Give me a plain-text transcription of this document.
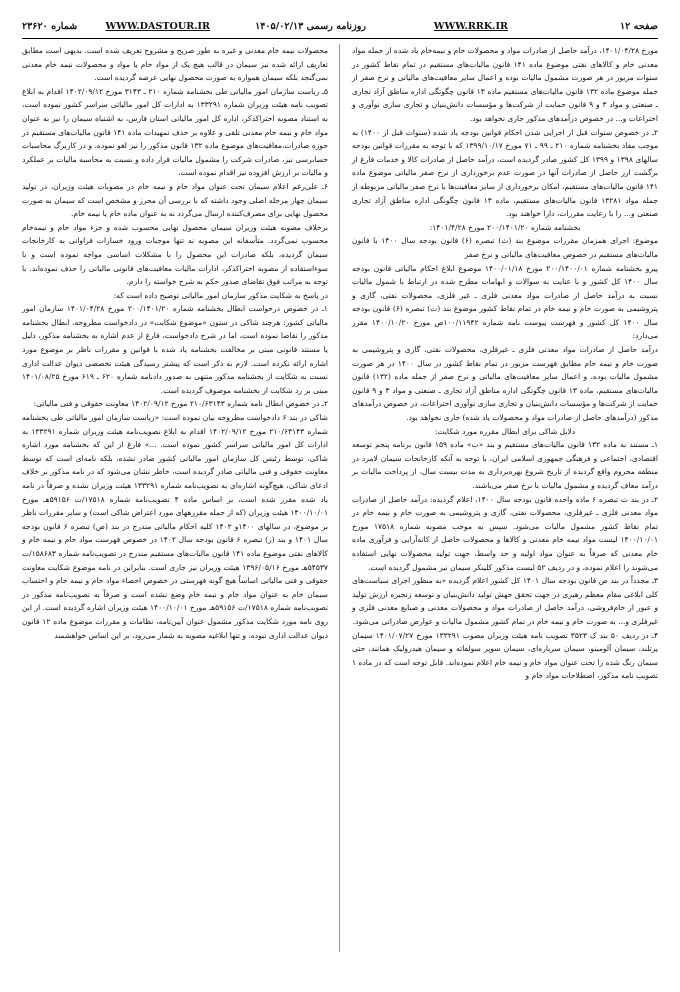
صفحه ۱۲
WWW.RRK.IR
روزنامه رسمی ۱۴۰۵/۰۲/۱۳
WWW.DASTOUR.IR
شماره ۲۳۶۲۰

مورخ ۱۴۰۱/۰۴/۲۸، درآمد حاصل از صادرات مواد و محصولات خام و نیمه‌خام یاد شده از جمله مواد معدنی خام و کالاهای نفتی موضوع ماده ۱۴۱ قانون مالیات‌های مستقیم در تمام نقاط کشور در سنوات مزبور در هر صورت مشمول مالیات بوده و اعمال سایر معافیت‌های مالیاتی و نرخ صفر از جمله موضوع ماده ۱۳۲ قانون مالیات‌های مستقیم ماده ۱۳ قانون چگونگی اداره مناطق آزاد تجاری ـ صنعتی و مواد ۳ و ۹ قانون حمایت از شرکت‌ها و مؤسسات دانش‌بنیان و تجاری سازی نوآوری و اختراعات و... در خصوص درآمدهای مذکور جاری نخواهد بود.

۲ـ در خصوص سنوات قبل از اجرایی شدن احکام قوانین بودجه یاد شده (سنوات قبل از ۱۴۰۰) به موجب مفاد بخشنامه شماره ۲۱۰ ـ ۹۹ ـ ۷۱ مورخ ۱۳۹۹/۱۰/۱۷ که با توجه به مقررات قوانین بودجه سالهای ۱۳۹۸ و ۱۳۹۹ کل کشور صادر گردیده است، درآمد حاصل از صادرات کالا و خدمات فارغ از برگشت ارز حاصل از صادرات آنها در صورت عدم برخورداری از نرخ صفر مالیاتی موضوع ماده ۱۴۱ قانون مالیات‌های مستقیم، امکان برخورداری از سایر معافیت‌ها با نرخ صفر مالیاتی مربوطه از جمله مواد ۱۳۲۸۱ قانون مالیات‌های مستقیم، ماده ۱۳ قانون چگونگی اداره مناطق آزاد تجاری صنعتی و... را با رعایت مقررات، دارا خواهند بود.

بخشنامه شماره ۲۰۰/۱۴۰۱/۲۰ مورخ ۱۴۰۱/۴/۲۸:

موضوع: اجرای همزمان مقررات موضوع بند (ث) تبصره (۶) قانون بودجه سال ۱۴۰۰ با قانون مالیات‌های مستقیم در خصوص معافیت‌های مالیاتی و نرخ صفر

پیرو بخشنامه شماره ۲۰۰/۱۴۰۰/۰۱ مورخ ۱۴۰۰/۰۱/۱۸ موضوع ابلاغ احکام مالیاتی قانون بودجه سال ۱۴۰۰ کل کشور و با عنایت به سوالات و ابهامات مطرح شده در ارتباط با شمول مالیات نسبت به درآمد حاصل از صادرات مواد معدنی فلزی ـ غیر فلزی، محصولات نفتی، گازی و پتروشیمی به صورت خام و نیمه خام در تمام نقاط کشور موضوع بند (ث) تبصره (۶) قانون بودجه سال ۱۴۰۰ کل کشور و فهرست پیوست نامه شماره ۱۰۰/۱۱۹۴۲ص مورخ ۱۴۰۰/۱۰/۲۰ مقرر می‌دارد:

درآمد حاصل از صادرات مواد معدنی فلزی ـ غیرفلزی، محصولات نفتی، گازی و پتروشیمی به صورت خام و نیمه خام مطابق فهرست مزبور در تمام نقاط کشور در سال ۱۴۰۰ در هر صورت مشمول مالیات بوده، و اعمال سایر معافیت‌های مالیاتی و نرخ صفر از جمله ماده (۱۳۲) قانون مالیات‌های مستقیم، ماده ۱۳ قانون چگونگی اداره مناطق آزاد تجاری ـ صنعتی و مواد ۳ و ۹ قانون حمایت از شرکت‌ها و مؤسسات دانش‌بنیان و تجاری سازی نوآوری اختراعات، در خصوص درآمدهای مذکور (درآمدهای حاصل از صادرات مواد و محصولات یاد شده) جاری نخواهد بود.

دلایل شاکی برای ابطال مقرره مورد شکایت:

۱ـ مستند به ماده ۱۳۲ قانون مالیات‌های مستقیم و بند «ب» ماده ۱۵۹ قانون برنامه پنجم توسعه اقتصادی، اجتماعی و فرهنگی جمهوری اسلامی ایران، با توجه به آنکه کارخانجات سیمان لامرد در منطقه محروم واقع گردیده از تاریخ شروع بهره‌برداری به مدت بیست سال، از پرداخت مالیات بر درآمد معاف گردیده و مشمول مالیات با نرخ صفر می‌باشند.

۲ـ در بند ث تبصره ۶ ماده واحده قانون بودجه سال ۱۴۰۰، اعلام گردیده: درآمد حاصل از صادرات مواد معدنی فلزی ـ غیرفلزی، محصولات نفتی، گازی و پتروشیمی به صورت خام و نیمه خام در تمام نقاط کشور مشمول مالیات می‌شود. سپس به موجب مصوبه شماره ۱۷۵۱۸ مورخ ۱۴۰۰/۱۰/۰۱ لیست مواد نیمه خام معدنی و کالاها و محصولات حاصل از کانه‌آرایی و فرآوری ماده خام معدنی که صرفاً به عنوان مواد اولیه و حد واسط، جهت تولید محصولات نهایی استفاده می‌شوند را اعلام نموده، و در ردیف ۵۲ لیست مذکور کلینکر سیمان نیز مشمول گردیده است.

۳ـ مجدداً در بند ص قانون بودجه سال ۱۴۰۱ کل کشور اعلام گردیده «به منظور اجرای سیاست‌های کلی ابلاغی مقام معظم رهبری در جهت تحقق جهش تولید دانش‌بنیان و توسعه زنجیره ارزش تولید و عبور از خام‌فروشی، درآمد حاصل از صادرات مواد و محصولات معدنی و صنایع معدنی فلزی و غیرفلزی و... به صورت خام و نیمه خام در تمام کشور مشمول مالیات و عوارض صادراتی می‌شود.

۴ـ در ردیف ۵۰ بند ک ۳۵۲۳ تصویب نامه هیئت وزیران مصوب ۱۳۳۲۹۱ مورخ ۱۴۰۱/۰۷/۲۷ سیمان پرتلند، سیمان آلومینو، سیمان سرباره‌ای، سیمان سوپر سولفاته و سیمان هیدرولیک همانند، حتی سیمان رنگ شده را تحت عنوان مواد خام و نیمه خام اعلام نموده‌اند. قابل توجه است که در ماده ۱ تصویب نامه مذکور، اصطلاحات مواد خام و

محصولات نیمه خام معدنی و غیره به طور صریح و مشروح تعریف شده است. بدیهی است مطابق تعاریف ارائه شده نیز سیمان در قالب هیچ یک از مواد خام یا مواد و محصولات نیمه خام معدنی نمی‌گنجد بلکه سیمان همواره به صورت محصول نهایی عرضه گردیده است.

۵ـ ریاست سازمان امور مالیاتی طی بخشنامه شماره ۲۱۰ ـ ۳۱۴۳ مورخ ۱۴۰۲/۰۹/۱۲ اقدام به ابلاغ تصویب نامه هیئت وزیران شماره ۱۳۳۲۹۱ به ادارات کل امور مالیاتی سراسر کشور نموده است، به استناد مصوبه اختراکذکر، اداره کل امور مالیاتی استان فارس، به اشتباه سیمان را نیز به عنوان مواد خام و نیمه خام معدنی تلقی و علاوه بر حذف تمهیدات ماده ۱۴۱ قانون مالیات‌های مستقیم در حوزه صادرات،معافیت‌های موضوع ماده ۱۳۲ قانون مذکور را نیز لغو نموده، و در کاربرگ محاسبات حسابرسی نیز، صادرات شرکت را مشمول مالیات قرار داده و نسبت به محاسبه مالیات بر عملکرد و مالیات بر ارزش افزوده نیز اقدام نموده است.

۶ـ علی‌رغم اعلام سیمان تحت عنوان مواد خام و نیمه خام در مصوبات هیئت وزیران، در تولید سیمان چهار مرحله اصلی وجود داشته که با بررسی آن محرز و مشخص است که سیمان به صورت محصول نهایی برای مصرف‌کننده ارسال می‌گردد نه به عنوان ماده خام یا نیمه خام.

برخلاف مصوبه هیئت وزیران سیمان محصول نهایی محسوب شده و جزء مواد خام و نیمه‌خام محسوب نمی‌گردد. متأسفانه این مصوبه نه تنها موجبات ورود خسارات فراوانی به کارخانجات سیمان گردیده، بلکه صادرات این محصول را با مشکلات اساسی مواجه نموده است و با سوءاستفاده از مصوبه اختراکذکر، ادارات مالیات معافیت‌های قانونی مالیاتی را حذف نموده‌اند. با توجه به مراتب فوق تقاضای صدور حکم به شرح خواسته را دارم.

در پاسخ به شکایت مذکور سازمان امور مالیاتی توضیح داده است که:

۱ـ در خصوص درخواست ابطال بخشنامه شماره ۲۰۰/۱۴۰۱/۲۰ مورخ ۱۴۰۱/۰۴/۲۸ سازمان امور مالیاتی کشور: هرچند شاکی در ستون «موضوع شکایت» در دادخواست مطروحه، ابطال بخشنامه مذکور را تقاضا نموده است، اما در شرح دادخواست، فارغ از عدم اشاره به بخشنامه مذکور، دلیل یا مستند قانونی مبنی بر مخالفت بخشنامه یاد شده با قوانین و مقررات ناظر بر موضوع مورد اشاره ارائه نکرده است. لازم به ذکر است که پیشتر رسیدگی هیئت تخصصی دیوان عدالت اداری نسبت به شکایت از بخشنامه مذکور منتهی به صدور دادنامه شماره ۶۲۰ ـ ۶۱۹ مورخ ۱۴۰۱/۰۸/۲۵ مبنی بر رد شکایت از بخشنامه موصوف گردیده است.

۲ـ در خصوص ابطال نامه شماره ۲۱۰/۶۳۱۴۳ مورخ ۱۴۰۲/۰۹/۱۲ معاونت حقوقی و فنی مالیاتی:

شاکی در بند ۶ دادخواست مطروحه بیان نموده است: «ریاست سازمان امور مالیاتی طی بخشنامه شماره ۲۱۰/۶۳۱۴۳ مورخ ۱۴۰۲/۰۹/۱۲ اقدام به ابلاغ تصویب‌نامه هیئت وزیران شماره ۱۳۳۲۹۱ به ادارات کل امور مالیاتی سراسر کشور نموده است. ...» فارغ از این که بخشنامه مورد اشاره شاکی، توسط رئیس کل سازمان امور مالیاتی کشور صادر نشده، بلکه نامه‌ای است که توسط معاونت حقوقی و فنی مالیاتی صادر گردیده است، خاطر نشان می‌شود که در نامه مذکور بر خلاف ادعای شاکی، هیچ‌گونه اشاره‌ای به تصویب‌نامه شماره ۱۳۳۲۹۱ هیئت وزیران نشده و صرفاً در نامه یاد شده مقرر شده است، بر اساس ماده ۴ تصویب‌نامه شماره ۱۷۵۱۸/ت ۵۹۱۵۶هـ مورخ ۱۴۰۰/۱۰/۰۱ هیئت وزیران (که از جمله مقررههای مورد اعتراض شاکی است) و سایر مقررات ناظر بر موضوع، در سالهای ۱۴۰۰و ۱۴۰۲ کلیه احکام مالیاتی مندرج در بند (ص) تبصره ۶ قانون بودجه سال ۱۴۰۱ و بند (ز) تبصره ۶ قانون بودجه سال ۱۴۰۲ در خصوص فهرست مواد خام و نیمه خام و کالاهای نفتی موضوع ماده ۱۴۱ قانون مالیات‌های مستقیم مندرج در تصویب‌نامه شماره ۱۵۸۶۸۳/ت ۵۴۵۳۷هـ مورخ ۱۳۹۶/۰۵/۱۶ هیئت وزیران نیز جاری است. بنابراین در نامه موضوع شکایت معاونت حقوقی و فنی مالیاتی اساساً هیچ گونه فهرستی در خصوص احصاء مواد خام و نیمه خام و احتساب سیمان خام به عنوان مواد خام و نیمه خام وضع نشده است و صرفاً به تصویب‌نامه مذکور در تصویب‌نامه شماره ۱۷۵۱۸/ت ۵۹۱۵۶هـ مورخ ۱۴۰۰/۱۰/۰۱ هیئت وزیران اشاره گردیده است. از این روی نامه مورد شکایت مذکور مشمول عنوان آیین‌نامه، نظامات و مقررات موضوع ماده ۱۲ قانون دیوان عدالت اداری نبوده، و تنها ابلاغیه مصوبه به شمار می‌رود، بر این اساس خواهشمند
